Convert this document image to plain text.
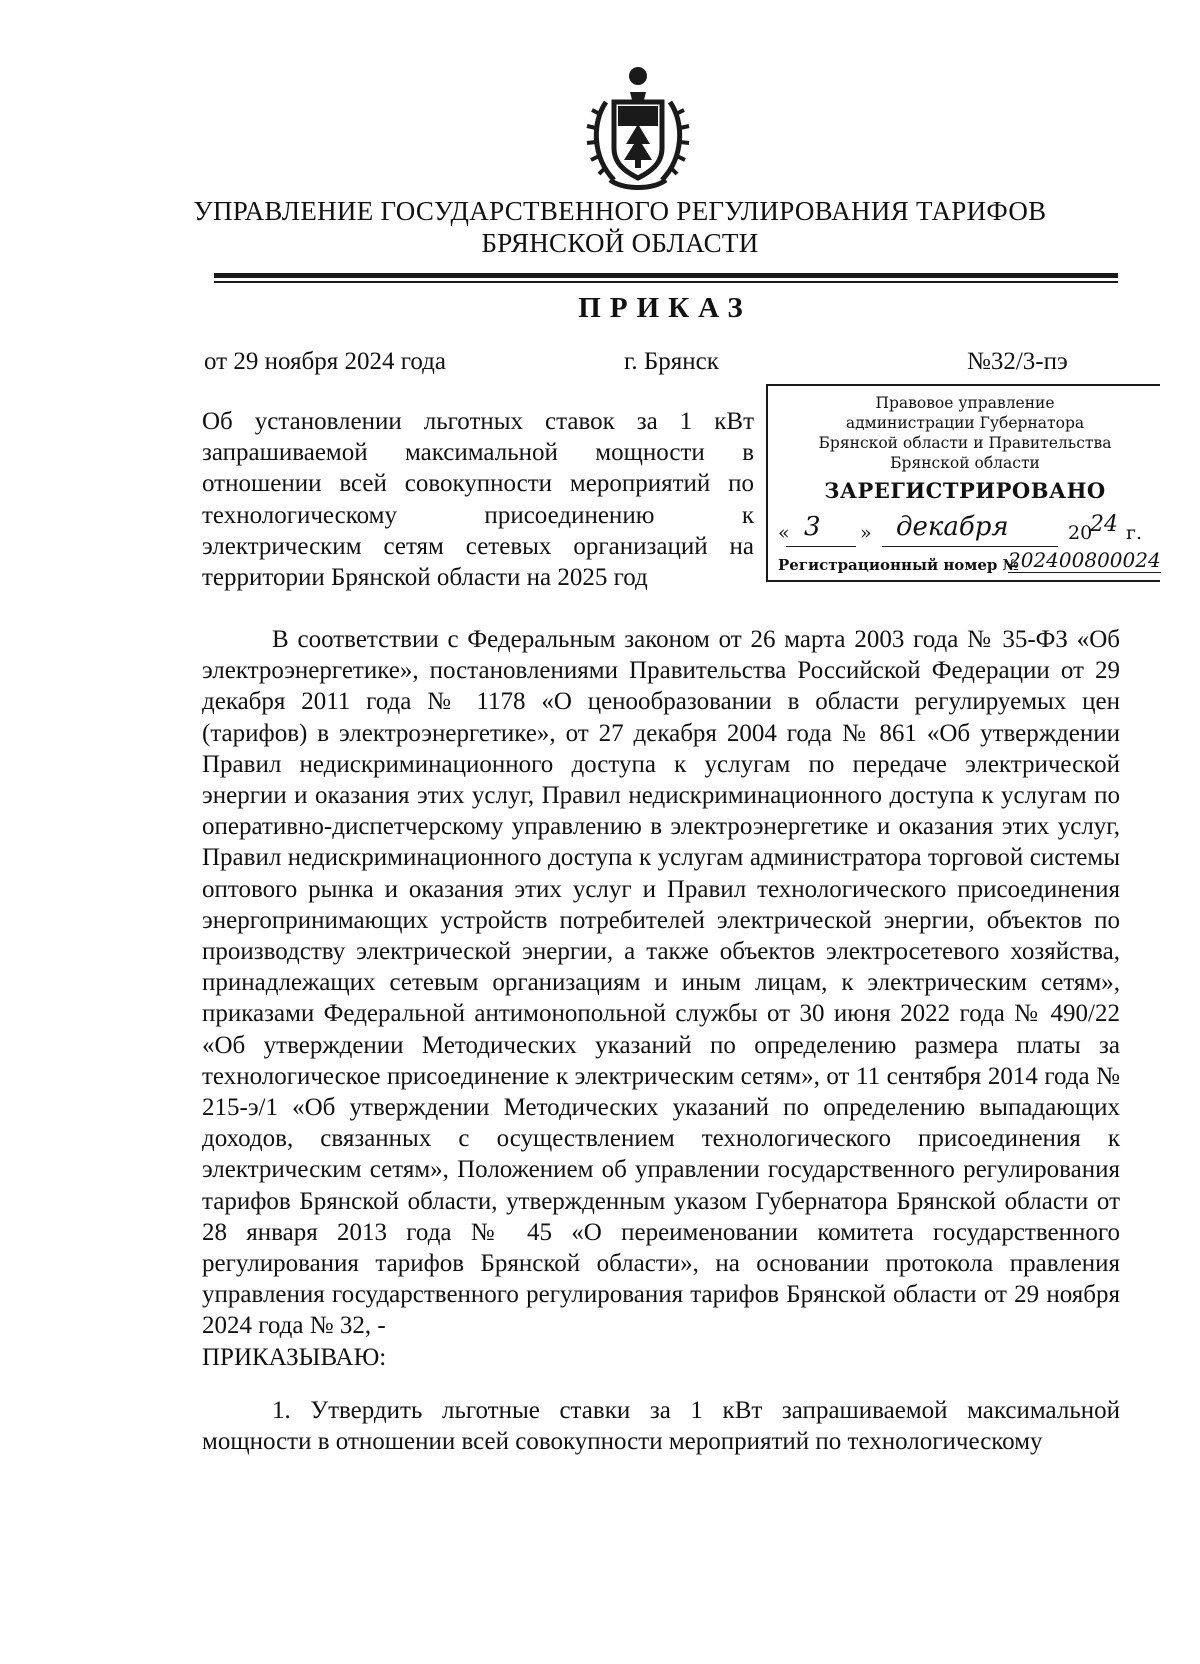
УПРАВЛЕНИЕ ГОСУДАРСТВЕННОГО РЕГУЛИРОВАНИЯ ТАРИФОВ
БРЯНСКОЙ ОБЛАСТИ
ПРИКАЗ
от 29 ноября 2024 года	г. Брянск	№32/3-пэ
Об установлении льготных ставок за 1 кВт
запрашиваемой максимальной мощности в
отношении всей совокупности мероприятий по
технологическому присоединению к
электрическим сетям сетевых организаций на
территории Брянской области на 2025 год
Правовое управление
администрации Губернатора
Брянской области и Правительства
Брянской области
ЗАРЕГИСТРИРОВАНО
« 3 » декабря	20
24 г.
Регистрационный номер №
202400800024

В соответствии с Федеральным законом от 26 марта 2003 года № 35-ФЗ «Об электроэнергетике», постановлениями Правительства Российской Федерации от 29 декабря 2011 года № 1178 «О ценообразовании в области регулируемых цен (тарифов) в электроэнергетике», от 27 декабря 2004 года № 861 «Об утверждении Правил недискриминационного доступа к услугам по передаче электрической энергии и оказания этих услуг, Правил недискриминационного доступа к услугам по оперативно-диспетчерскому управлению в электроэнергетике и оказания этих услуг, Правил недискриминационного доступа к услугам администратора торговой системы оптового рынка и оказания этих услуг и Правил технологического присоединения энергопринимающих устройств потребителей электрической энергии, объектов по производству электрической энергии, а также объектов электросетевого хозяйства, принадлежащих сетевым организациям и иным лицам, к электрическим сетям», приказами Федеральной антимонопольной службы от 30 июня 2022 года № 490/22 «Об утверждении Методических указаний по определению размера платы за технологическое присоединение к электрическим сетям», от 11 сентября 2014 года № 215-э/1 «Об утверждении Методических указаний по определению выпадающих доходов, связанных с осуществлением технологического присоединения к электрическим сетям», Положением об управлении государственного регулирования тарифов Брянской области, утвержденным указом Губернатора Брянской области от 28 января 2013 года № 45 «О переименовании комитета государственного регулирования тарифов Брянской области», на основании протокола правления управления государственного регулирования тарифов Брянской области от 29 ноября 2024 года № 32, -

ПРИКАЗЫВАЮ:

1. Утвердить льготные ставки за 1 кВт запрашиваемой максимальной мощности в отношении всей совокупности мероприятий по технологическому
